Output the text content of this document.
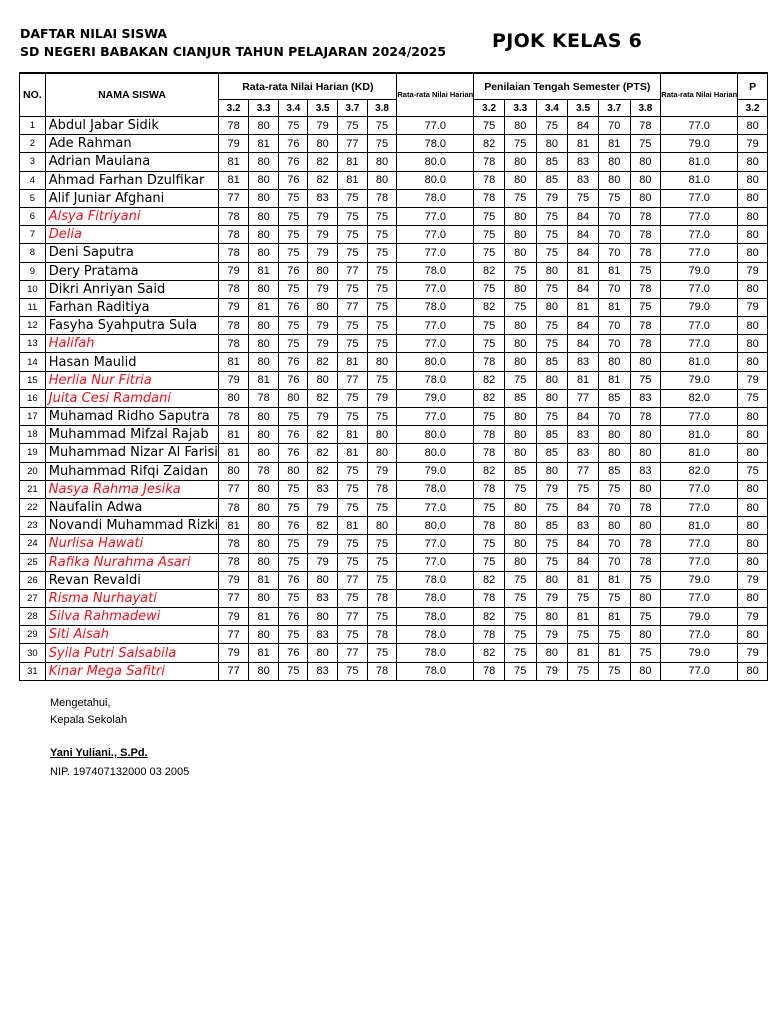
DAFTAR NILAI SISWA
SD NEGERI BABAKAN CIANJUR TAHUN PELAJARAN 2024/2025 PJOK KELAS 6
NO.	NAMA SISWA	Rata-rata Nilai Harian (KD)						Rata-rata Nilai Harian	Penilaian Tengah Semester (PTS)						Rata-rata Nilai Harian	P
		3.2	3.3	3.4	3.5	3.7	3.8		3.2	3.3	3.4	3.5	3.7	3.8		3.2
1	Abdul Jabar Sidik	78	80	75	79	75	75	77.0	75	80	75	84	70	78	77.0	80
2	Ade Rahman	79	81	76	80	77	75	78.0	82	75	80	81	81	75	79.0	79
3	Adrian Maulana	81	80	76	82	81	80	80.0	78	80	85	83	80	80	81.0	80
4	Ahmad Farhan Dzulfikar	81	80	76	82	81	80	80.0	78	80	85	83	80	80	81.0	80
5	Alif Juniar Afghani	77	80	75	83	75	78	78.0	78	75	79	75	75	80	77.0	80
6	Alsya Fitriyani	78	80	75	79	75	75	77.0	75	80	75	84	70	78	77.0	80
7	Delia	78	80	75	79	75	75	77.0	75	80	75	84	70	78	77.0	80
8	Deni Saputra	78	80	75	79	75	75	77.0	75	80	75	84	70	78	77.0	80
9	Dery Pratama	79	81	76	80	77	75	78.0	82	75	80	81	81	75	79.0	79
10	Dikri Anriyan Said	78	80	75	79	75	75	77.0	75	80	75	84	70	78	77.0	80
11	Farhan Raditiya	79	81	76	80	77	75	78.0	82	75	80	81	81	75	79.0	79
12	Fasyha Syahputra Sula	78	80	75	79	75	75	77.0	75	80	75	84	70	78	77.0	80
13	Halifah	78	80	75	79	75	75	77.0	75	80	75	84	70	78	77.0	80
14	Hasan Maulid	81	80	76	82	81	80	80.0	78	80	85	83	80	80	81.0	80
15	Herlia Nur Fitria	79	81	76	80	77	75	78.0	82	75	80	81	81	75	79.0	79
16	Juita Cesi Ramdani	80	78	80	82	75	79	79.0	82	85	80	77	85	83	82.0	75
17	Muhamad Ridho Saputra	78	80	75	79	75	75	77.0	75	80	75	84	70	78	77.0	80
18	Muhammad Mifzal Rajab	81	80	76	82	81	80	80.0	78	80	85	83	80	80	81.0	80
19	Muhammad Nizar Al Farisi	81	80	76	82	81	80	80.0	78	80	85	83	80	80	81.0	80
20	Muhammad Rifqi Zaidan	80	78	80	82	75	79	79.0	82	85	80	77	85	83	82.0	75
21	Nasya Rahma Jesika	77	80	75	83	75	78	78.0	78	75	79	75	75	80	77.0	80
22	Naufalin Adwa	78	80	75	79	75	75	77.0	75	80	75	84	70	78	77.0	80
23	Novandi Muhammad Rizki	81	80	76	82	81	80	80.0	78	80	85	83	80	80	81.0	80
24	Nurlisa Hawati	78	80	75	79	75	75	77.0	75	80	75	84	70	78	77.0	80
25	Rafika Nurahma Asari	78	80	75	79	75	75	77.0	75	80	75	84	70	78	77.0	80
26	Revan Revaldi	79	81	76	80	77	75	78.0	82	75	80	81	81	75	79.0	79
27	Risma Nurhayati	77	80	75	83	75	78	78.0	78	75	79	75	75	80	77.0	80
28	Silva Rahmadewi	79	81	76	80	77	75	78.0	82	75	80	81	81	75	79.0	79
29	Siti Aisah	77	80	75	83	75	78	78.0	78	75	79	75	75	80	77.0	80
30	Syila Putri Salsabila	79	81	76	80	77	75	78.0	82	75	80	81	81	75	79.0	79
31	Kinar Mega Safitri	77	80	75	83	75	78	78.0	78	75	79	75	75	80	77.0	80
Mengetahui,
Kepala Sekolah
Yani Yuliani., S.Pd.
NIP. 197407132000 03 2005
